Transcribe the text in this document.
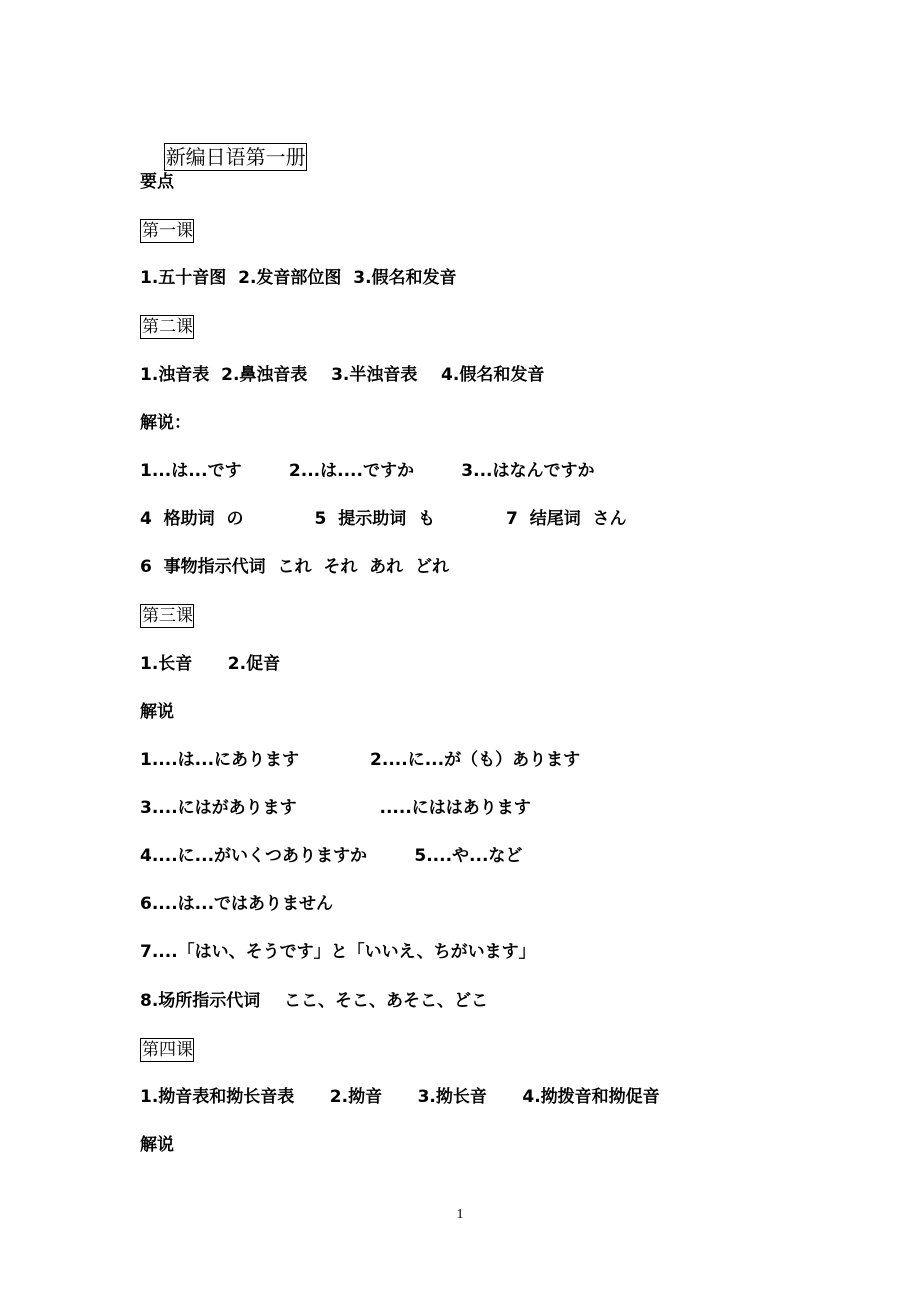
新编日语第一册

要点
第一课
1.五十音图  2.发音部位图  3.假名和发音
第二课
1.浊音表  2.鼻浊音表    3.半浊音表    4.假名和发音
解说：
1...は...です        2...は....ですか        3...はなんですか
4  格助词  の            5  提示助词  も            7  结尾词  さん
6  事物指示代词  これ  それ  あれ  どれ
第三课
1.长音      2.促音
解说
1....は...にあります            2....に...が（も）あります
3....にはがあります              .....にははあります
4....に...がいくつありますか        5....や...など
6....は...ではありません
7....「はい、そうです」と「いいえ、ちがいます」
8.场所指示代词    ここ、そこ、あそこ、どこ
第四课
1.拗音表和拗长音表      2.拗音      3.拗长音      4.拗拨音和拗促音
解说
1
